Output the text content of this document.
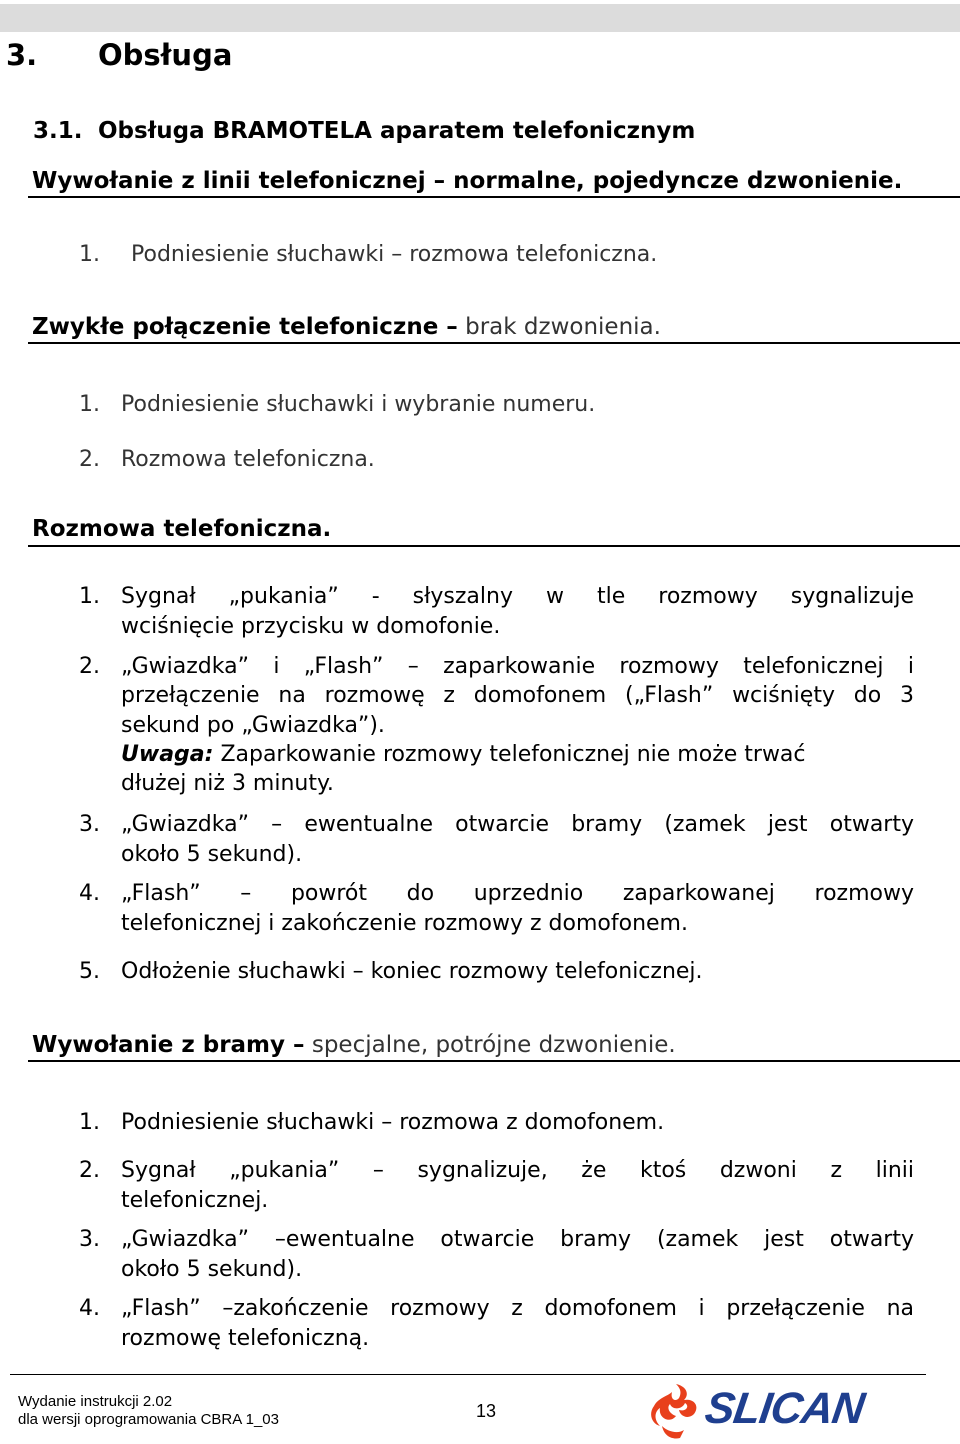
3. Obsługa
3.1. Obsługa BRAMOTELA aparatem telefonicznym
Wywołanie z linii telefonicznej – normalne, pojedyncze dzwonienie.
1. Podniesienie słuchawki – rozmowa telefoniczna.
Zwykłe połączenie telefoniczne – brak dzwonienia.
1. Podniesienie słuchawki i wybranie numeru.
2. Rozmowa telefoniczna.
Rozmowa telefoniczna.
1. Sygnał „pukania” - słyszalny w tle rozmowy sygnalizuje
wciśnięcie przycisku w domofonie.
2. „Gwiazdka” i „Flash” – zaparkowanie rozmowy telefonicznej i
przełączenie na rozmowę z domofonem („Flash” wciśnięty do 3
sekund po „Gwiazdka”).
Uwaga: Zaparkowanie rozmowy telefonicznej nie może trwać
dłużej niż 3 minuty.
3. „Gwiazdka” – ewentualne otwarcie bramy (zamek jest otwarty
około 5 sekund).
4. „Flash” – powrót do uprzednio zaparkowanej rozmowy
telefonicznej i zakończenie rozmowy z domofonem.
5. Odłożenie słuchawki – koniec rozmowy telefonicznej.
Wywołanie z bramy – specjalne, potrójne dzwonienie.
1. Podniesienie słuchawki – rozmowa z domofonem.
2. Sygnał „pukania” – sygnalizuje, że ktoś dzwoni z linii
telefonicznej.
3. „Gwiazdka” –ewentualne otwarcie bramy (zamek jest otwarty
około 5 sekund).
4. „Flash” –zakończenie rozmowy z domofonem i przełączenie na
rozmowę telefoniczną.
Wydanie instrukcji 2.02
dla wersji oprogramowania CBRA 1_03	13	SLICAN
